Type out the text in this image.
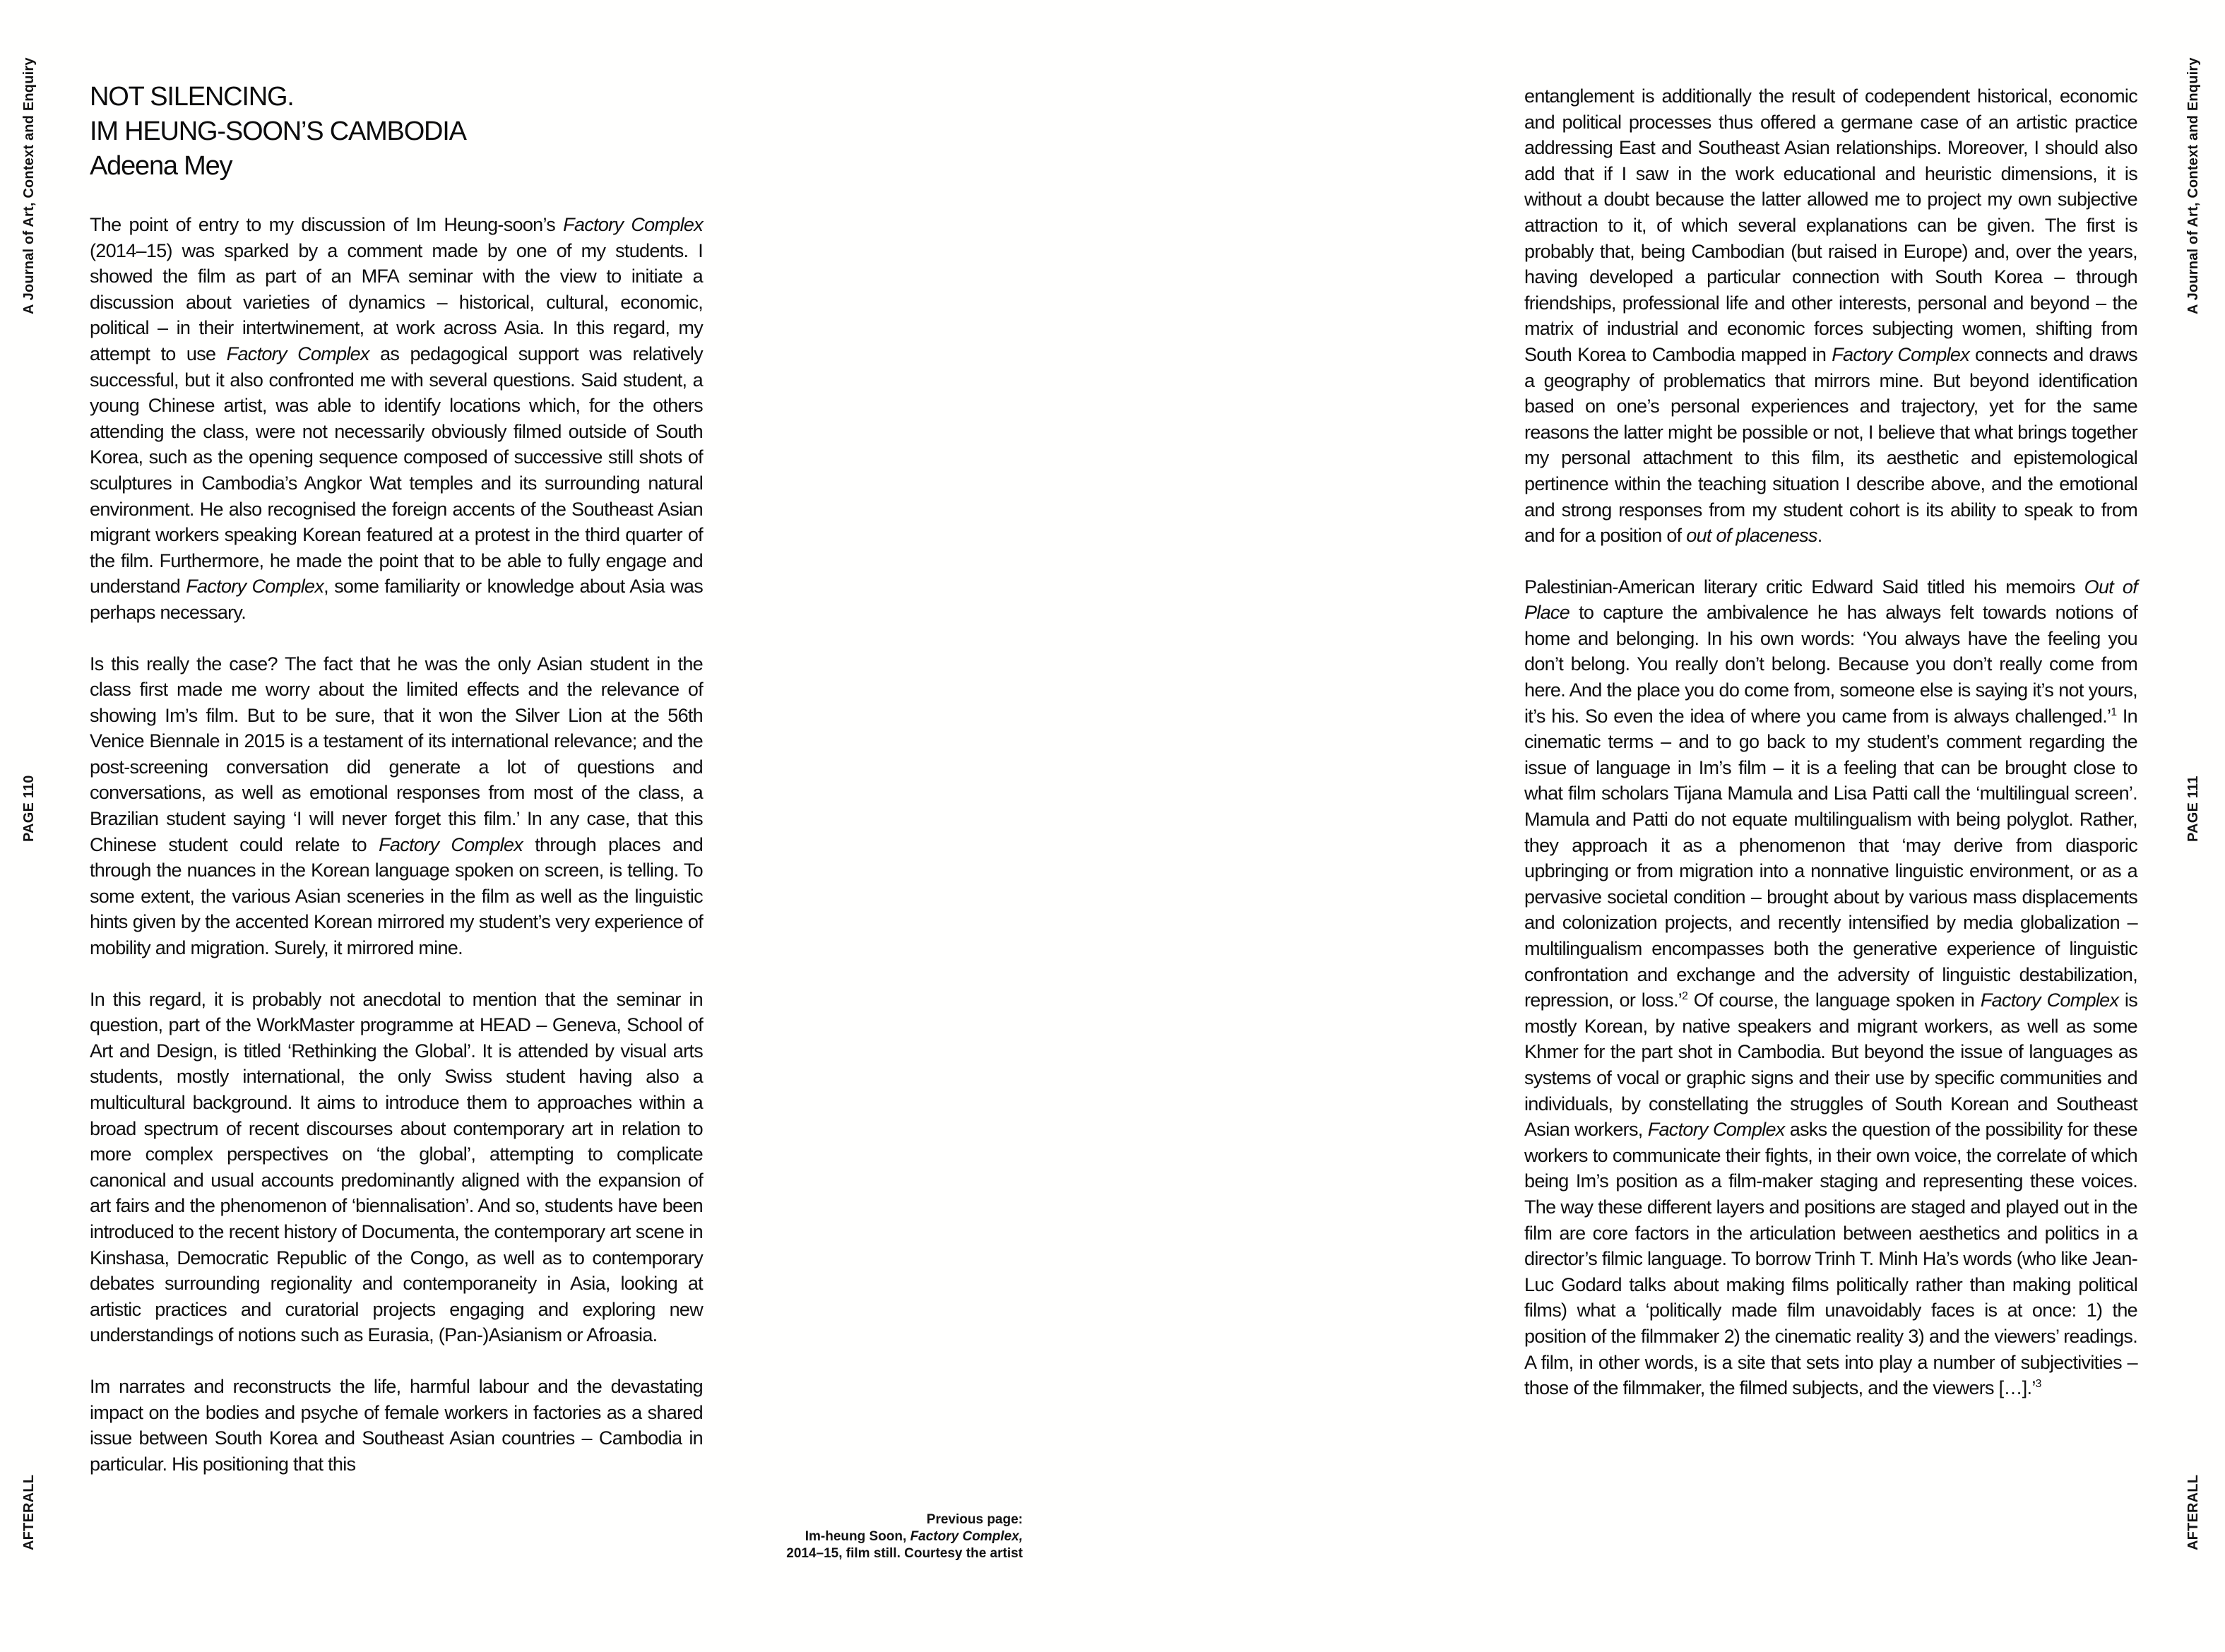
A Journal of Art, Context and Enquiry
PAGE 110
AFTERALL
A Journal of Art, Context and Enquiry
PAGE 111
AFTERALL
NOT SILENCING.
IM HEUNG-SOON’S CAMBODIA
Adeena Mey

The point of entry to my discussion of Im Heung-soon’s Factory Complex (2014–15) was sparked by a comment made by one of my students. I showed the film as part of an MFA seminar with the view to initiate a discussion about varieties of dynamics – historical, cultural, economic, political – in their intertwinement, at work across Asia. In this regard, my attempt to use Factory Complex as pedagogical support was relatively successful, but it also confronted me with several questions. Said student, a young Chinese artist, was able to identify locations which, for the others attending the class, were not necessarily obviously filmed outside of South Korea, such as the opening sequence composed of successive still shots of sculptures in Cambodia’s Angkor Wat temples and its surrounding natural environment. He also recognised the foreign accents of the Southeast Asian migrant workers speaking Korean featured at a protest in the third quarter of the film. Furthermore, he made the point that to be able to fully engage and understand Factory Complex, some familiarity or knowledge about Asia was perhaps necessary.

Is this really the case? The fact that he was the only Asian student in the class first made me worry about the limited effects and the relevance of showing Im’s film. But to be sure, that it won the Silver Lion at the 56th Venice Biennale in 2015 is a testament of its international relevance; and the post-screening conversation did generate a lot of questions and conversations, as well as emotional responses from most of the class, a Brazilian student saying ‘I will never forget this film.’ In any case, that this Chinese student could relate to Factory Complex through places and through the nuances in the Korean language spoken on screen, is telling. To some extent, the various Asian sceneries in the film as well as the linguistic hints given by the accented Korean mirrored my student’s very experience of mobility and migration. Surely, it mirrored mine.

In this regard, it is probably not anecdotal to mention that the seminar in question, part of the WorkMaster programme at HEAD – Geneva, School of Art and Design, is titled ‘Rethinking the Global’. It is attended by visual arts students, mostly international, the only Swiss student having also a multicultural background. It aims to introduce them to approaches within a broad spectrum of recent discourses about contemporary art in relation to more complex perspectives on ‘the global’, attempting to complicate canonical and usual accounts predominantly aligned with the expansion of art fairs and the phenomenon of ‘biennalisation’. And so, students have been introduced to the recent history of Documenta, the contemporary art scene in Kinshasa, Democratic Republic of the Congo, as well as to contemporary debates surrounding regionality and contemporaneity in Asia, looking at artistic practices and curatorial projects engaging and exploring new understandings of notions such as Eurasia, (Pan-)Asianism or Afroasia.

Im narrates and reconstructs the life, harmful labour and the devastating impact on the bodies and psyche of female workers in factories as a shared issue between South Korea and Southeast Asian countries – Cambodia in particular. His positioning that this

entanglement is additionally the result of codependent historical, economic and political processes thus offered a germane case of an artistic practice addressing East and Southeast Asian relationships. Moreover, I should also add that if I saw in the work educational and heuristic dimensions, it is without a doubt because the latter allowed me to project my own subjective attraction to it, of which several explanations can be given. The first is probably that, being Cambodian (but raised in Europe) and, over the years, having developed a particular connection with South Korea – through friendships, professional life and other interests, personal and beyond – the matrix of industrial and economic forces subjecting women, shifting from South Korea to Cambodia mapped in Factory Complex connects and draws a geography of problematics that mirrors mine. But beyond identification based on one’s personal experiences and trajectory, yet for the same reasons the latter might be possible or not, I believe that what brings together my personal attachment to this film, its aesthetic and epistemological pertinence within the teaching situation I describe above, and the emotional and strong responses from my student cohort is its ability to speak to from and for a position of out of placeness.

Palestinian-American literary critic Edward Said titled his memoirs Out of Place to capture the ambivalence he has always felt towards notions of home and belonging. In his own words: ‘You always have the feeling you don’t belong. You really don’t belong. Because you don’t really come from here. And the place you do come from, someone else is saying it’s not yours, it’s his. So even the idea of where you came from is always challenged.’$^1$ In cinematic terms – and to go back to my student’s comment regarding the issue of language in Im’s film – it is a feeling that can be brought close to what film scholars Tijana Mamula and Lisa Patti call the ‘multilingual screen’. Mamula and Patti do not equate multilingualism with being polyglot. Rather, they approach it as a phenomenon that ‘may derive from diasporic upbringing or from migration into a nonnative linguistic environment, or as a pervasive societal condition – brought about by various mass displacements and colonization projects, and recently intensified by media globalization – multilingualism encompasses both the generative experience of linguistic confrontation and exchange and the adversity of linguistic destabilization, repression, or loss.’$^2$ Of course, the language spoken in Factory Complex is mostly Korean, by native speakers and migrant workers, as well as some Khmer for the part shot in Cambodia. But beyond the issue of languages as systems of vocal or graphic signs and their use by specific communities and individuals, by constellating the struggles of South Korean and Southeast Asian workers, Factory Complex asks the question of the possibility for these workers to communicate their fights, in their own voice, the correlate of which being Im’s position as a film-maker staging and representing these voices. The way these different layers and positions are staged and played out in the film are core factors in the articulation between aesthetics and politics in a director’s filmic language. To borrow Trinh T. Minh Ha’s words (who like Jean-Luc Godard talks about making films politically rather than making political films) what a ‘politically made film unavoidably faces is at once: 1) the position of the filmmaker 2) the cinematic reality 3) and the viewers’ readings. A film, in other words, is a site that sets into play a number of subjectivities – those of the filmmaker, the filmed subjects, and the viewers […].’$^3$

Previous page:
Im-heung Soon, Factory Complex,
2014–15, film still. Courtesy the artist
